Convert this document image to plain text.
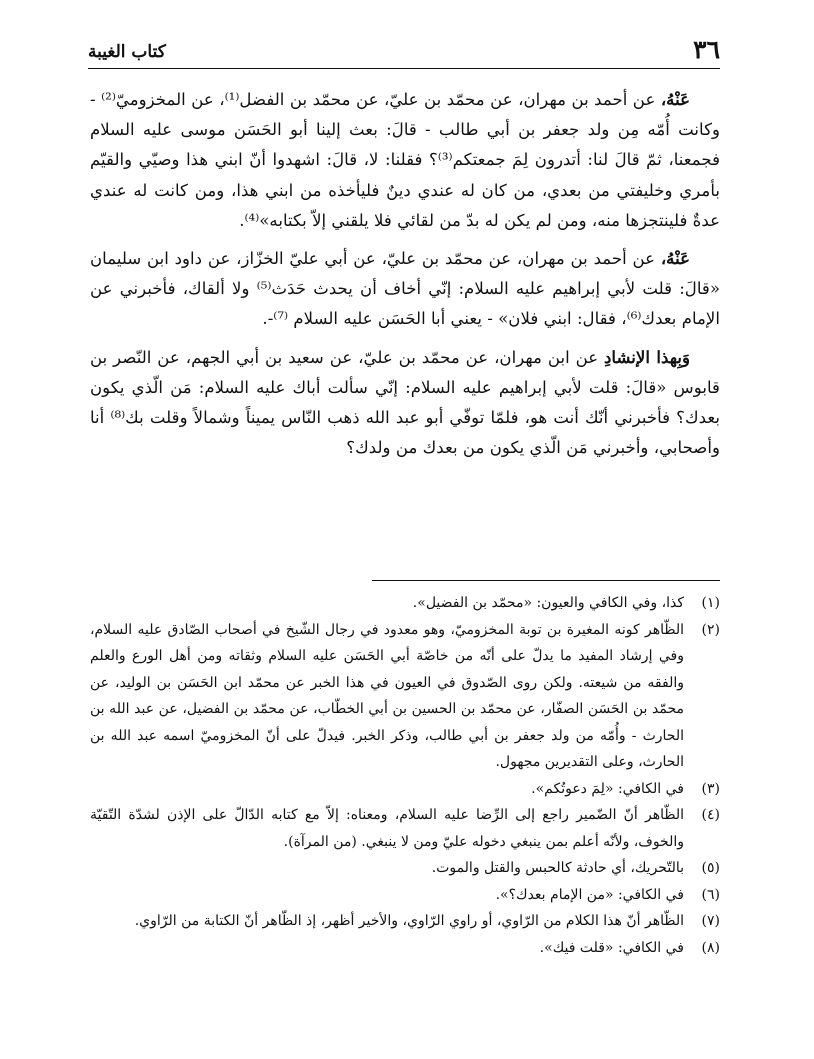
٣٦
كتاب الغيبة

عَنْهُ، عن أحمد بن مهران، عن محمّد بن عليّ، عن محمّد بن الفضل⁽¹⁾، عن المخزوميّ⁽²⁾ - وكانت أُمّه مِن ولد جعفر بن أبي طالب - قالَ: بعث إلينا أبو الحَسَن موسى عليه السلام فجمعنا، ثمّ قالَ لنا: أتدرون لِمَ جمعتكم⁽³⁾؟ فقلنا: لا، قالَ: اشهدوا أنّ ابني هذا وصيّي والقيّم بأمري وخليفتي من بعدي، من كان له عندي دينٌ فليأخذه من ابني هذا، ومن كانت له عندي عدةٌ فلينتجزها منه، ومن لم يكن له بدّ من لقائي فلا يلقني إلاّ بكتابه»⁽⁴⁾.

عَنْهُ، عن أحمد بن مهران، عن محمّد بن عليّ، عن أبي عليّ الخزّاز، عن داود ابن سليمان «قالَ: قلت لأبي إبراهيم عليه السلام: إنّي أخاف أن يحدث حَدَث⁽⁵⁾ ولا ألقاك، فأخبرني عن الإمام بعدك⁽⁶⁾، فقال: ابني فلان» - يعني أبا الحَسَن عليه السلام ⁽⁷⁾-.

وَبِهذا الإنشادِ عن ابن مهران، عن محمّد بن عليّ، عن سعيد بن أبي الجهم، عن النّصر بن قابوس «قالَ: قلت لأبي إبراهيم عليه السلام: إنّي سألت أباك عليه السلام: مَن الّذي يكون بعدك؟ فأخبرني أنّك أنت هو، فلمّا توفّي أبو عبد الله ذهب النّاس يميناً وشمالاً وقلت بك⁽⁸⁾ أنا وأصحابي، وأخبرني مَن الّذي يكون من بعدك من ولدك؟

(١)
كذا، وفي الكافي والعيون: «محمّد بن الفضيل».
(٢)
الظّاهر كونه المغيرة بن توبة المخزوميّ، وهو معدود في رجال الشّيخ في أصحاب الصّادق عليه السلام، وفي إرشاد المفيد ما يدلّ على أنّه من خاصّة أبي الحَسَن عليه السلام وثقاته ومن أهل الورع والعلم والفقه من شيعته. ولكن روى الصّدوق في العيون في هذا الخبر عن محمّد ابن الحَسَن بن الوليد، عن محمّد بن الحَسَن الصفّار، عن محمّد بن الحسين بن أبي الخطّاب، عن محمّد بن الفضيل، عن عبد الله بن الحارث - وأُمّه من ولد جعفر بن أبي طالب، وذكر الخبر. فيدلّ على أنّ المخزوميّ اسمه عبد الله بن الحارث، وعلى التقديرين مجهول.
(٣)
في الكافي: «لِمَ دعوتُكم».
(٤)
الظّاهر أنّ الضّمير راجع إلى الرِّضا عليه السلام، ومعناه: إلاّ مع كتابه الدّالّ على الإذن لشدّة التّقيّة والخوف، ولأنّه أعلم بمن ينبغي دخوله عليّ ومن لا ينبغي. (من المرآة).
(٥)
بالتّحريك، أي حادثة كالحبس والقتل والموت.
(٦)
في الكافي: «من الإمام بعدك؟».
(٧)
الظّاهر أنّ هذا الكلام من الرّاوي، أو راوي الرّاوي، والأخير أظهر، إذ الظّاهر أنّ الكتابة من الرّاوي.
(٨)
في الكافي: «قلت فيك».
